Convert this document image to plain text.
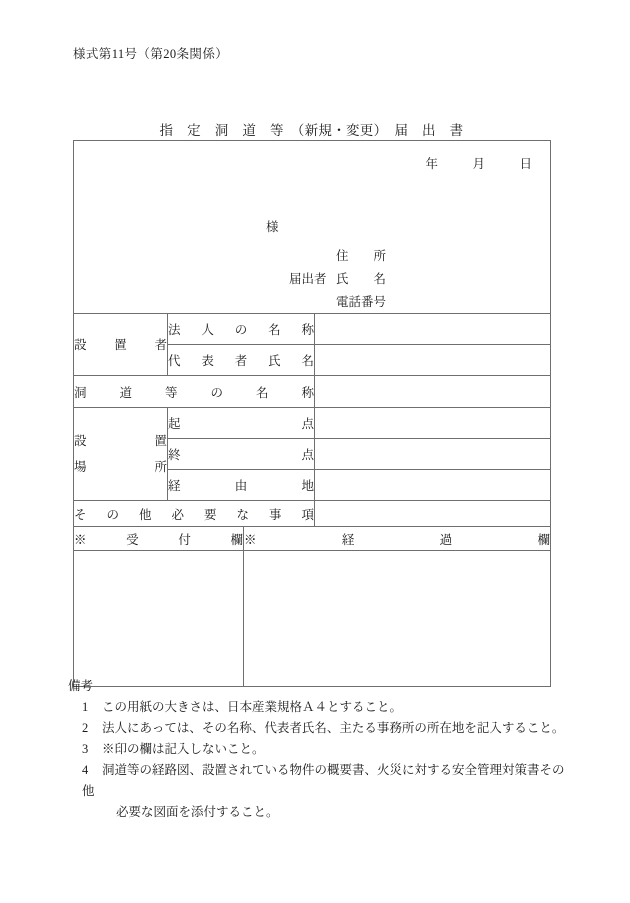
様式第11号（第20条関係）
指　定　洞　道　等　（新規・変更）　届　出　書
年 月 日
様
住　　所
届出者 氏　　名
電話番号			

設　置　者	法人の名称		
	代表者氏名		
洞道等の名称			

設　　置
場　　所	起　　点		
	終　　点		
	経　由　地		
その他必要な事項			
※　受　付　欄		※　経　過　欄	

備考
1 この用紙の大きさは、日本産業規格Ａ４とすること。
2 法人にあっては、その名称、代表者氏名、主たる事務所の所在地を記入すること。
3 ※印の欄は記入しないこと。
4 洞道等の経路図、設置されている物件の概要書、火災に対する安全管理対策書その他
必要な図面を添付すること。
